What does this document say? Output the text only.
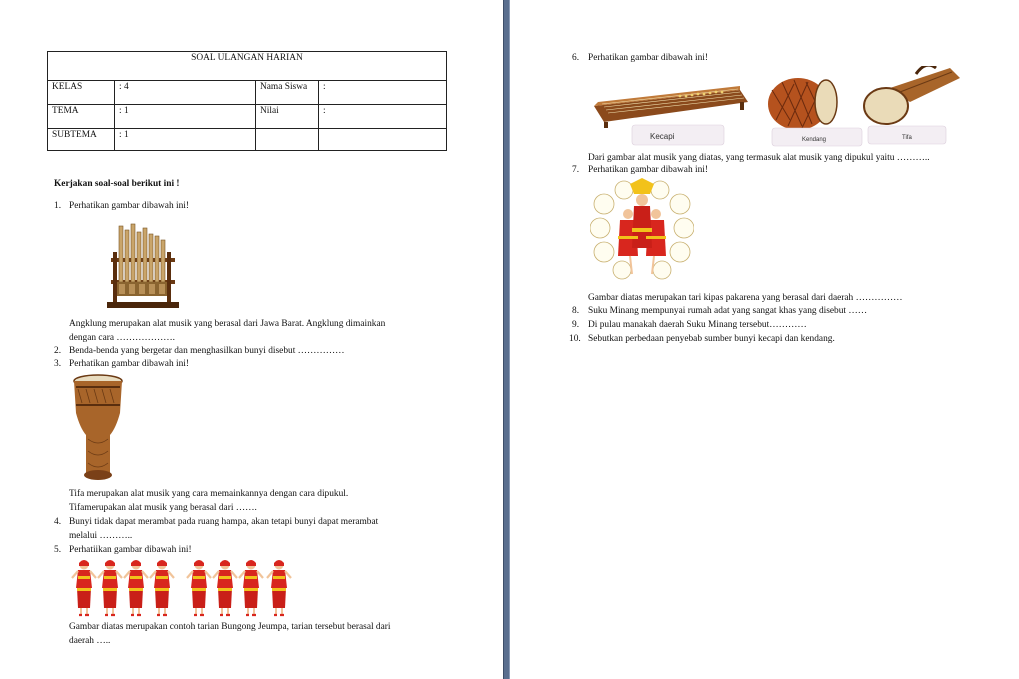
SOAL ULANGAN HARIAN			
KELAS	: 4	Nama Siswa	:
TEMA	: 1	Nilai	:
SUBTEMA	: 1		
Kerjakan soal-soal berikut ini !
1. Perhatikan gambar dibawah ini!
Angklung merupakan alat musik yang berasal dari Jawa Barat. Angklung dimainkan
dengan cara ……………….
2. Benda-benda yang bergetar dan menghasilkan bunyi disebut ……………
3. Perhatikan gambar dibawah ini!
Tifa merupakan alat musik yang cara memainkannya dengan cara dipukul.
Tifamerupakan alat musik yang berasal dari …….
4. Bunyi tidak dapat merambat pada ruang hampa, akan tetapi bunyi dapat merambat
melalui ………..
5. Perhatiikan gambar dibawah ini!
Gambar diatas merupakan contoh tarian Bungong Jeumpa, tarian tersebut berasal dari
daerah …..
6. Perhatikan gambar dibawah ini!
Kecapi	Kendang	Tifa
Dari gambar alat musik yang diatas, yang termasuk alat musik yang dipukul yaitu ………..
7. Perhatikan gambar dibawah ini!
Gambar diatas merupakan tari kipas pakarena yang berasal dari daerah ……………
8. Suku Minang mempunyai rumah adat yang sangat khas yang disebut ……
9. Di pulau manakah daerah Suku Minang tersebut…………
10. Sebutkan perbedaan penyebab sumber bunyi kecapi dan kendang.
